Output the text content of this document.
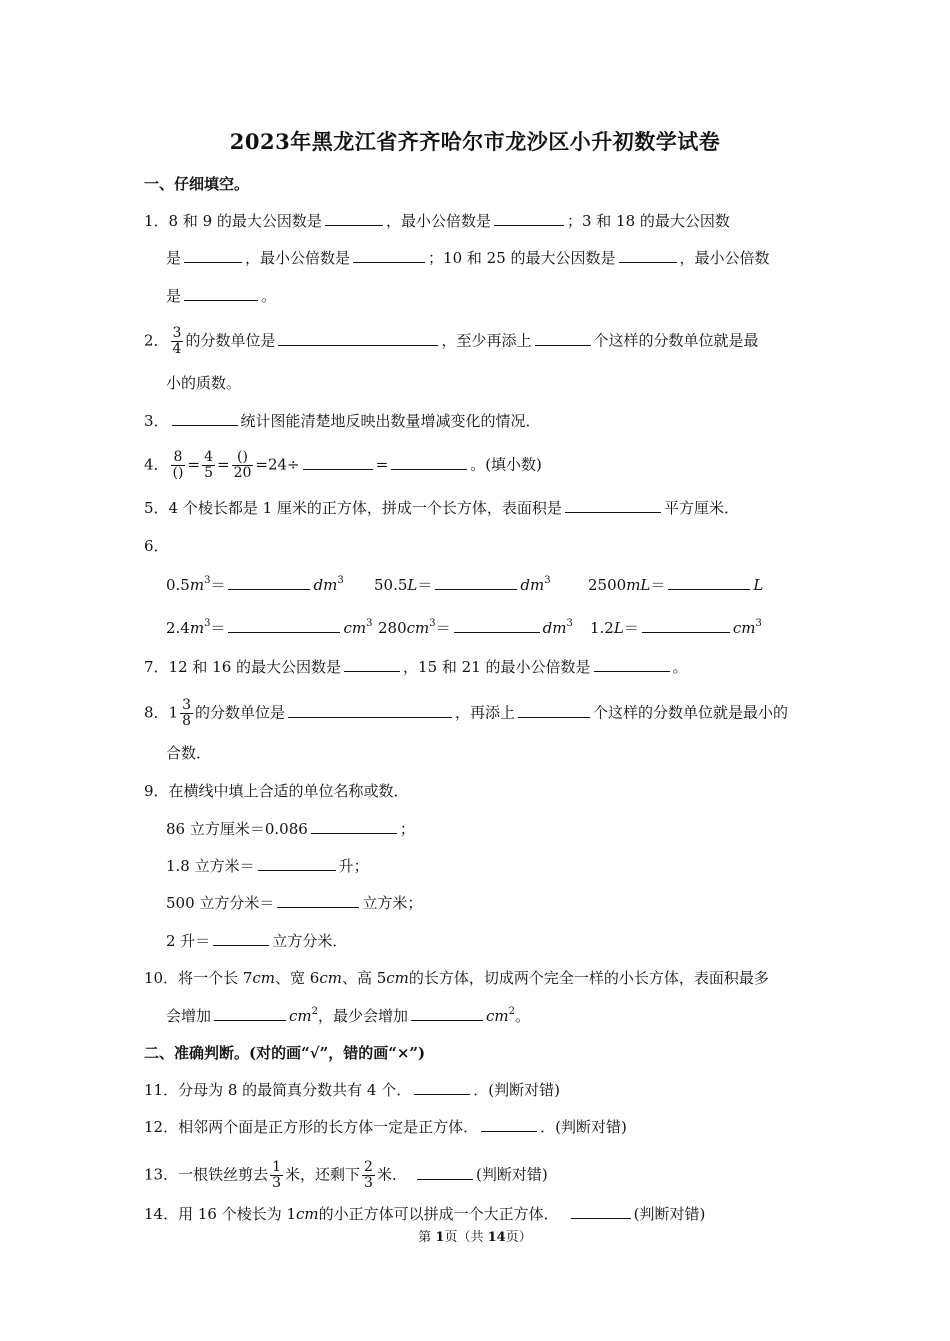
2023年黑龙江省齐齐哈尔市龙沙区小升初数学试卷
一、仔细填空。
1．8 和 9 的最大公因数是	，最小公倍数是	；3 和 18 的最大公因数
是	，最小公倍数是	；10 和 25 的最大公因数是	，最小公倍数
是	。
2． $\frac{3}{4}$ 的分数单位是	，至少再添上	个这样的分数单位就是最
小的质数。
3．	统计图能清楚地反映出数量增减变化的情况．
4． $\frac{8}{()} = \frac{4}{5} = \frac{()}{20} =24\div$	=	。(填小数)
5．4 个棱长都是 1 厘米的正方体，拼成一个长方体，表面积是	平方厘米．
6．
$0.5m^3=$	$dm^3$ 50.5L＝	$dm^3$ 2500mL＝	L
$2.4m^3=$	$cm^3$ $280cm^3=$	$dm^3$ 1.2L＝	$cm^3$
7．12 和 16 的最大公因数是	，15 和 21 的最小公倍数是	。
8．$1 \frac{3}{8}$ 的分数单位是	，再添上	个这样的分数单位就是最小的
合数．
9．在横线中填上合适的单位名称或数．
86 立方厘米＝0.086	；
1.8 立方米＝	升；
500 立方分米＝	立方米；
2 升＝	立方分米．
10．将一个长 7cm、宽 6cm、高 5cm的长方体，切成两个完全一样的小长方体，表面积最多
会增加	$cm^2$，最少会增加	$cm^2$。
二、准确判断。(对的画“√”，错的画“×”)
11．分母为 8 的最简真分数共有 4 个．	．(判断对错)
12．相邻两个面是正方形的长方体一定是正方体．	．(判断对错)
13．一根铁丝剪去 $\frac{1}{3}$ 米，还剩下 $\frac{2}{3}$ 米．	(判断对错)
14．用 16 个棱长为 1cm的小正方体可以拼成一个大正方体．	(判断对错)
第 1页（共 14页）
